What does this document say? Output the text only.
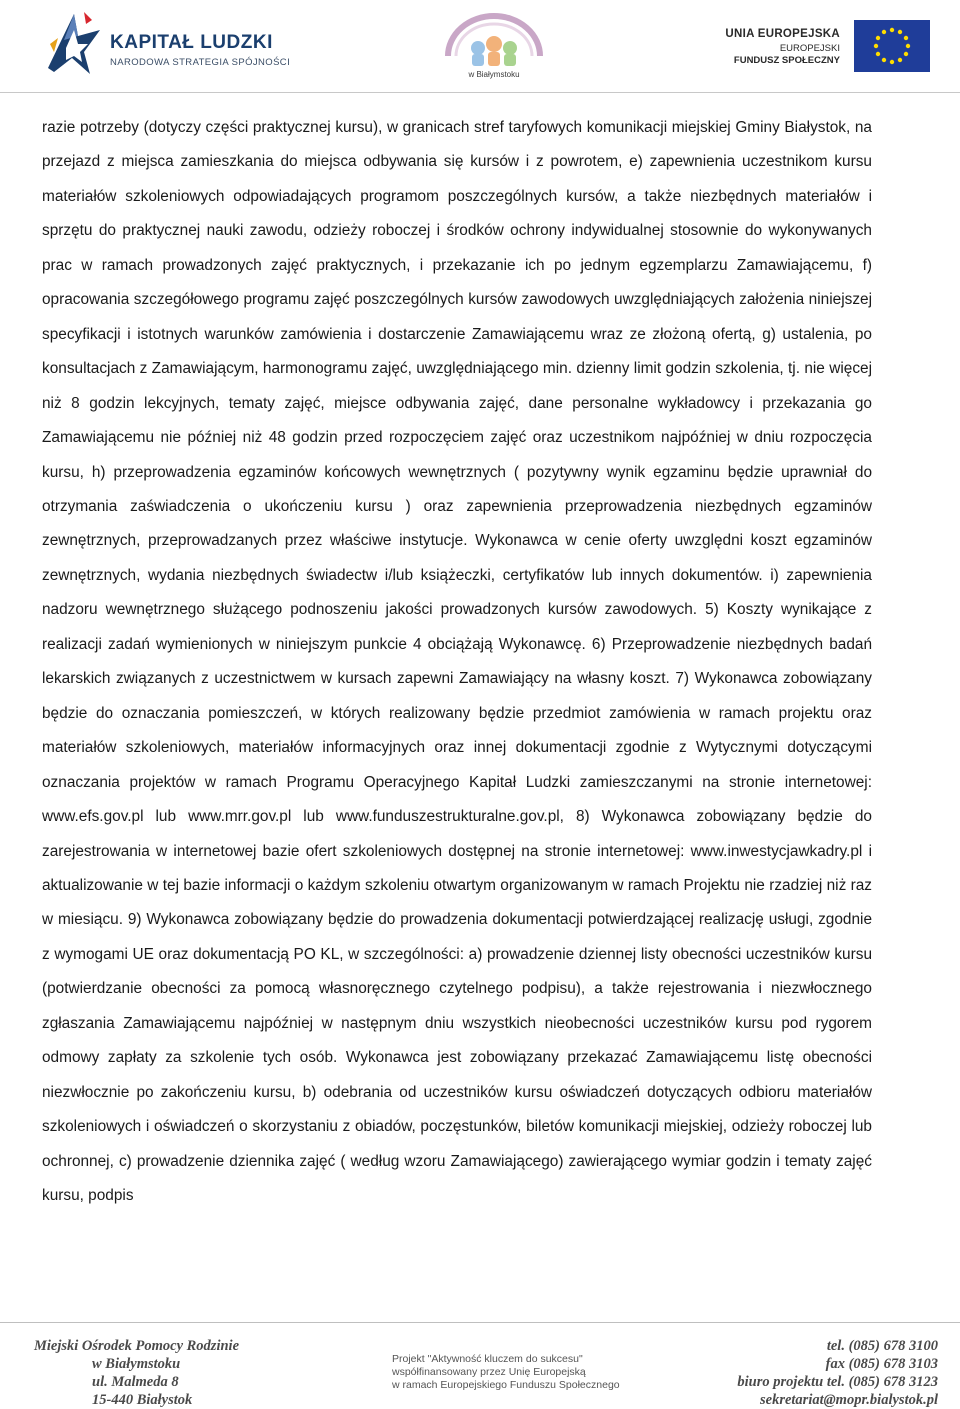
KAPITAŁ LUDZKI
NARODOWA STRATEGIA SPÓJNOŚCI
w Białymstoku
UNIA EUROPEJSKA
EUROPEJSKI
FUNDUSZ SPOŁECZNY

razie potrzeby (dotyczy części praktycznej kursu), w granicach stref taryfowych komunikacji miejskiej Gminy Białystok, na przejazd z miejsca zamieszkania do miejsca odbywania się kursów i z powrotem, e) zapewnienia uczestnikom kursu materiałów szkoleniowych odpowiadających programom poszczególnych kursów, a także niezbędnych materiałów i sprzętu do praktycznej nauki zawodu, odzieży roboczej i środków ochrony indywidualnej stosownie do wykonywanych prac w ramach prowadzonych zajęć praktycznych, i przekazanie ich po jednym egzemplarzu Zamawiającemu, f) opracowania szczegółowego programu zajęć poszczególnych kursów zawodowych uwzględniających założenia niniejszej specyfikacji i istotnych warunków zamówienia i dostarczenie Zamawiającemu wraz ze złożoną ofertą, g) ustalenia, po konsultacjach z Zamawiającym, harmonogramu zajęć, uwzględniającego min. dzienny limit godzin szkolenia, tj. nie więcej niż 8 godzin lekcyjnych, tematy zajęć, miejsce odbywania zajęć, dane personalne wykładowcy i przekazania go Zamawiającemu nie później niż 48 godzin przed rozpoczęciem zajęć oraz uczestnikom najpóźniej w dniu rozpoczęcia kursu, h) przeprowadzenia egzaminów końcowych wewnętrznych ( pozytywny wynik egzaminu będzie uprawniał do otrzymania zaświadczenia o ukończeniu kursu ) oraz zapewnienia przeprowadzenia niezbędnych egzaminów zewnętrznych, przeprowadzanych przez właściwe instytucje. Wykonawca w cenie oferty uwzględni koszt egzaminów zewnętrznych, wydania niezbędnych świadectw i/lub książeczki, certyfikatów lub innych dokumentów. i) zapewnienia nadzoru wewnętrznego służącego podnoszeniu jakości prowadzonych kursów zawodowych. 5) Koszty wynikające z realizacji zadań wymienionych w niniejszym punkcie 4 obciążają Wykonawcę. 6) Przeprowadzenie niezbędnych badań lekarskich związanych z uczestnictwem w kursach zapewni Zamawiający na własny koszt. 7) Wykonawca zobowiązany będzie do oznaczania pomieszczeń, w których realizowany będzie przedmiot zamówienia w ramach projektu oraz materiałów szkoleniowych, materiałów informacyjnych oraz innej dokumentacji zgodnie z Wytycznymi dotyczącymi oznaczania projektów w ramach Programu Operacyjnego Kapitał Ludzki zamieszczanymi na stronie internetowej: www.efs.gov.pl lub www.mrr.gov.pl lub www.funduszestrukturalne.gov.pl, 8) Wykonawca zobowiązany będzie do zarejestrowania w internetowej bazie ofert szkoleniowych dostępnej na stronie internetowej: www.inwestycjawkadry.pl i aktualizowanie w tej bazie informacji o każdym szkoleniu otwartym organizowanym w ramach Projektu nie rzadziej niż raz w miesiącu. 9) Wykonawca zobowiązany będzie do prowadzenia dokumentacji potwierdzającej realizację usługi, zgodnie z wymogami UE oraz dokumentacją PO KL, w szczególności: a) prowadzenie dziennej listy obecności uczestników kursu (potwierdzanie obecności za pomocą własnoręcznego czytelnego podpisu), a także rejestrowania i niezwłocznego zgłaszania Zamawiającemu najpóźniej w następnym dniu wszystkich nieobecności uczestników kursu pod rygorem odmowy zapłaty za szkolenie tych osób. Wykonawca jest zobowiązany przekazać Zamawiającemu listę obecności niezwłocznie po zakończeniu kursu, b) odebrania od uczestników kursu oświadczeń dotyczących odbioru materiałów szkoleniowych i oświadczeń o skorzystaniu z obiadów, poczęstunków, biletów komunikacji miejskiej, odzieży roboczej lub ochronnej, c) prowadzenie dziennika zajęć ( według wzoru Zamawiającego) zawierającego wymiar godzin i tematy zajęć kursu, podpis

Miejski Ośrodek Pomocy Rodzinie
w Białymstoku
ul. Malmeda 8
15-440 Białystok
Projekt "Aktywność kluczem do sukcesu"
współfinansowany przez Unię Europejską
w ramach Europejskiego Funduszu Społecznego
tel. (085) 678 3100
fax (085) 678 3103
biuro projektu tel. (085) 678 3123
sekretariat@mopr.bialystok.pl
